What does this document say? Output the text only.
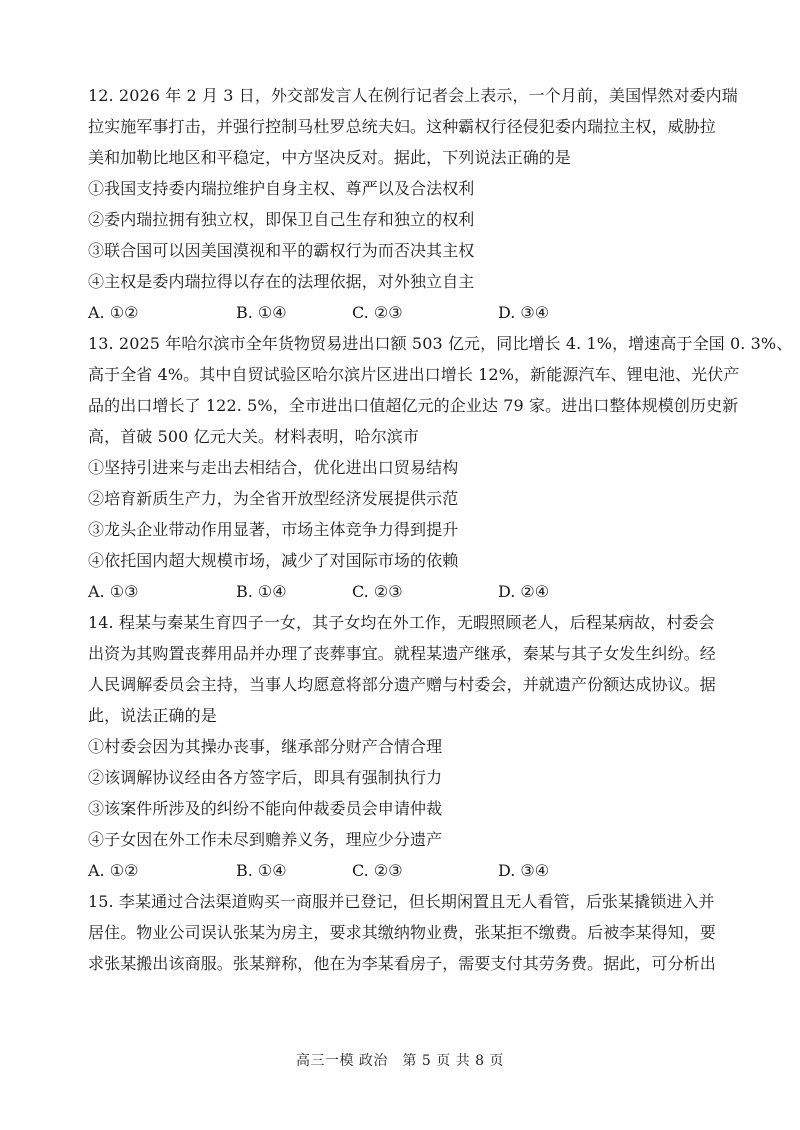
12. 2026 年 2 月 3 日，外交部发言人在例行记者会上表示，一个月前，美国悍然对委内瑞
拉实施军事打击，并强行控制马杜罗总统夫妇。这种霸权行径侵犯委内瑞拉主权，威胁拉
美和加勒比地区和平稳定，中方坚决反对。据此，下列说法正确的是
①我国支持委内瑞拉维护自身主权、尊严以及合法权利
②委内瑞拉拥有独立权，即保卫自己生存和独立的权利
③联合国可以因美国漠视和平的霸权行为而否决其主权
④主权是委内瑞拉得以存在的法理依据，对外独立自主
A. ①②	B. ①④	C. ②③	D. ③④
13. 2025 年哈尔滨市全年货物贸易进出口额 503 亿元，同比增长 4. 1%，增速高于全国 0. 3%、
高于全省 4%。其中自贸试验区哈尔滨片区进出口增长 12%，新能源汽车、锂电池、光伏产
品的出口增长了 122. 5%，全市进出口值超亿元的企业达 79 家。进出口整体规模创历史新
高，首破 500 亿元大关。材料表明，哈尔滨市
①坚持引进来与走出去相结合，优化进出口贸易结构
②培育新质生产力，为全省开放型经济发展提供示范
③龙头企业带动作用显著，市场主体竞争力得到提升
④依托国内超大规模市场，减少了对国际市场的依赖
A. ①③	B. ①④	C. ②③	D. ②④
14. 程某与秦某生育四子一女，其子女均在外工作，无暇照顾老人，后程某病故，村委会
出资为其购置丧葬用品并办理了丧葬事宜。就程某遗产继承，秦某与其子女发生纠纷。经
人民调解委员会主持，当事人均愿意将部分遗产赠与村委会，并就遗产份额达成协议。据
此，说法正确的是
①村委会因为其操办丧事，继承部分财产合情合理
②该调解协议经由各方签字后，即具有强制执行力
③该案件所涉及的纠纷不能向仲裁委员会申请仲裁
④子女因在外工作未尽到赡养义务，理应少分遗产
A. ①②	B. ①④	C. ②③	D. ③④
15. 李某通过合法渠道购买一商服并已登记，但长期闲置且无人看管，后张某撬锁进入并
居住。物业公司误认张某为房主，要求其缴纳物业费，张某拒不缴费。后被李某得知，要
求张某搬出该商服。张某辩称，他在为李某看房子，需要支付其劳务费。据此，可分析出
高三一模 政治　第 5 页 共 8 页
